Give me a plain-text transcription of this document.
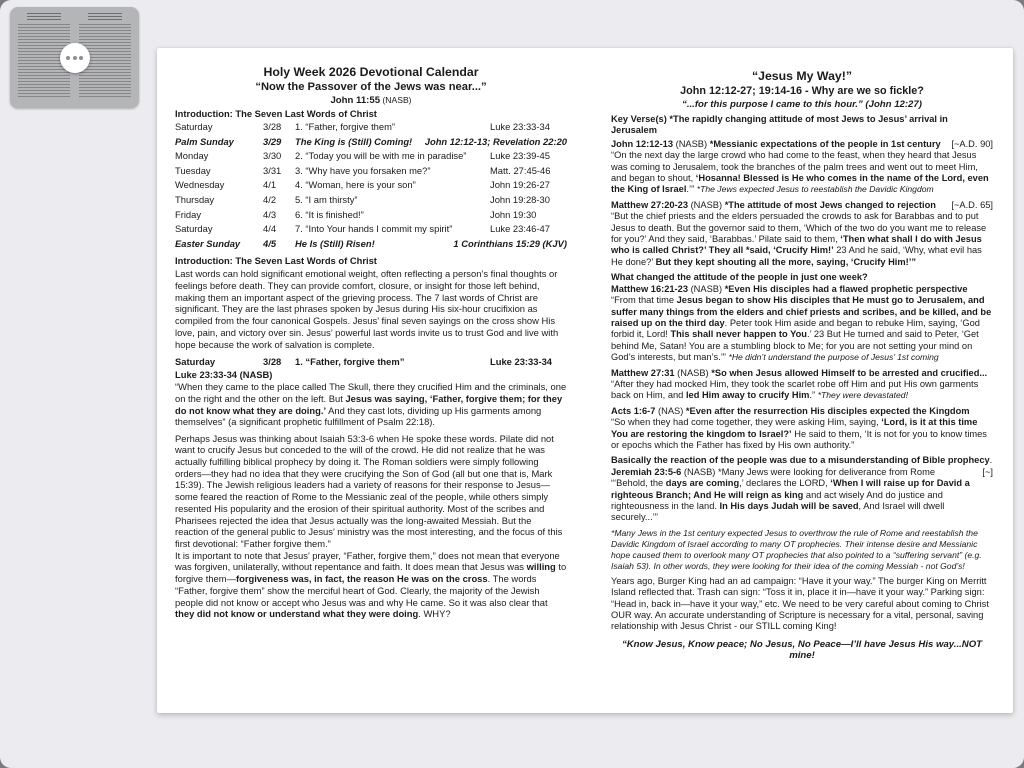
Holy Week 2026 Devotional Calendar
“Now the Passover of the Jews was near...”
John 11:55 (NASB)
Introduction: The Seven Last Words of Christ
Saturday	3/28	1. “Father, forgive them”	Luke 23:33-34
Palm Sunday	3/29	The King is (Still) Coming!	John 12:12-13; Revelation 22:20
Monday	3/30	2. “Today you will be with me in paradise”	Luke 23:39-45
Tuesday	3/31	3. “Why have you forsaken me?”	Matt. 27:45-46
Wednesday	4/1	4. “Woman, here is your son”	John 19:26-27
Thursday	4/2	5. “I am thirsty”	John 19:28-30
Friday	4/3	6. “It is finished!”	John 19:30
Saturday	4/4	7. “Into Your hands I commit my spirit”	Luke 23:46-47
Easter Sunday	4/5	He Is (Still) Risen!	1 Corinthians 15:29 (KJV)
Introduction: The Seven Last Words of Christ

Last words can hold significant emotional weight, often reflecting a person’s final thoughts or feelings before death. They can provide comfort, closure, or insight for those left behind, making them an important aspect of the grieving process. The 7 last words of Christ are significant. They are the last phrases spoken by Jesus during His six-hour crucifixion as compiled from the four canonical Gospels. Jesus’ final seven sayings on the cross show His love, pain, and victory over sin. Jesus’ powerful last words invite us to trust God and live with hope because the work of salvation is complete.

Saturday	3/28	1. “Father, forgive them”	Luke 23:33-34
Luke 23:33-34 (NASB)

“When they came to the place called The Skull, there they crucified Him and the criminals, one on the right and the other on the left. But Jesus was saying, ‘Father, forgive them; for they do not know what they are doing.’ And they cast lots, dividing up His garments among themselves” (a significant prophetic fulfillment of Psalm 22:18).

Perhaps Jesus was thinking about Isaiah 53:3-6 when He spoke these words. Pilate did not want to crucify Jesus but conceded to the will of the crowd. He did not realize that he was actually fulfilling biblical prophecy by doing it. The Roman soldiers were simply following orders—they had no idea that they were crucifying the Son of God (all but one that is, Mark 15:39). The Jewish religious leaders had a variety of reasons for their response to Jesus—some feared the reaction of Rome to the Messianic zeal of the people, while others simply resented His popularity and the erosion of their spiritual authority. Most of the scribes and Pharisees rejected the idea that Jesus actually was the long-awaited Messiah. But the reaction of the general public to Jesus’ ministry was the most interesting, and the focus of this first devotional: “Father forgive them.”

It is important to note that Jesus’ prayer, “Father, forgive them,” does not mean that everyone was forgiven, unilaterally, without repentance and faith. It does mean that Jesus was willing to forgive them—forgiveness was, in fact, the reason He was on the cross. The words “Father, forgive them” show the merciful heart of God. Clearly, the majority of the Jewish people did not know or accept who Jesus was and why He came. So it was also clear that they did not know or understand what they were doing. WHY?

“Jesus My Way!”
John 12:12-27; 19:14-16 - Why are we so fickle?
“...for this purpose I came to this hour.” (John 12:27)
Key Verse(s) *The rapidly changing attitude of most Jews to Jesus’ arrival in Jerusalem
[~A.D. 90]
John 12:12-13 (NASB) *Messianic expectations of the people in 1st century
“On the next day the large crowd who had come to the feast, when they heard that Jesus was coming to Jerusalem, took the branches of the palm trees and went out to meet Him, and began to shout, ‘Hosanna! Blessed is He who comes in the name of the Lord, even the King of Israel.’” *The Jews expected Jesus to reestablish the Davidic Kingdom
[~A.D. 65]
Matthew 27:20-23 (NASB) *The attitude of most Jews changed to rejection
“But the chief priests and the elders persuaded the crowds to ask for Barabbas and to put Jesus to death. But the governor said to them, ‘Which of the two do you want me to release for you?’ And they said, ‘Barabbas.’ Pilate said to them, ‘Then what shall I do with Jesus who is called Christ?’ They all *said, ‘Crucify Him!’ 23 And he said, ‘Why, what evil has He done?’ But they kept shouting all the more, saying, ‘Crucify Him!’”
What changed the attitude of the people in just one week?
Matthew 16:21-23 (NASB) *Even His disciples had a flawed prophetic perspective
“From that time Jesus began to show His disciples that He must go to Jerusalem, and suffer many things from the elders and chief priests and scribes, and be killed, and be raised up on the third day. Peter took Him aside and began to rebuke Him, saying, ‘God forbid it, Lord! This shall never happen to You.’ 23 But He turned and said to Peter, ‘Get behind Me, Satan! You are a stumbling block to Me; for you are not setting your mind on God’s interests, but man’s.’” *He didn’t understand the purpose of Jesus’ 1st coming
Matthew 27:31 (NASB) *So when Jesus allowed Himself to be arrested and crucified...
“After they had mocked Him, they took the scarlet robe off Him and put His own garments back on Him, and led Him away to crucify Him.” *They were devastated!
Acts 1:6-7 (NAS) *Even after the resurrection His disciples expected the Kingdom
“So when they had come together, they were asking Him, saying, ‘Lord, is it at this time You are restoring the kingdom to Israel?’ He said to them, ‘It is not for you to know times or epochs which the Father has fixed by His own authority.”
Basically the reaction of the people was due to a misunderstanding of Bible prophecy.
[~]
Jeremiah 23:5-6 (NASB) *Many Jews were looking for deliverance from Rome
“‘Behold, the days are coming,’ declares the LORD, ‘When I will raise up for David a righteous Branch; And He will reign as king and act wisely And do justice and righteousness in the land. In His days Judah will be saved, And Israel will dwell securely...’”
*Many Jews in the 1st century expected Jesus to overthrow the rule of Rome and reestablish the Davidic Kingdom of Israel according to many OT prophecies. Their intense desire and Messianic hope caused them to overlook many OT prophecies that also pointed to a “suffering servant” (e.g. Isaiah 53). In other words, they were looking for their idea of the coming Messiah - not God’s!
Years ago, Burger King had an ad campaign: “Have it your way.” The burger King on Merritt Island reflected that. Trash can sign: “Toss it in, place it in—have it your way.” Parking sign: “Head in, back in—have it your way,” etc. We need to be very careful about coming to Christ OUR way. An accurate understanding of Scripture is necessary for a vital, personal, saving relationship with Jesus Christ - our STILL coming King!
“Know Jesus, Know peace; No Jesus, No Peace—I’ll have Jesus His way...NOT mine!
